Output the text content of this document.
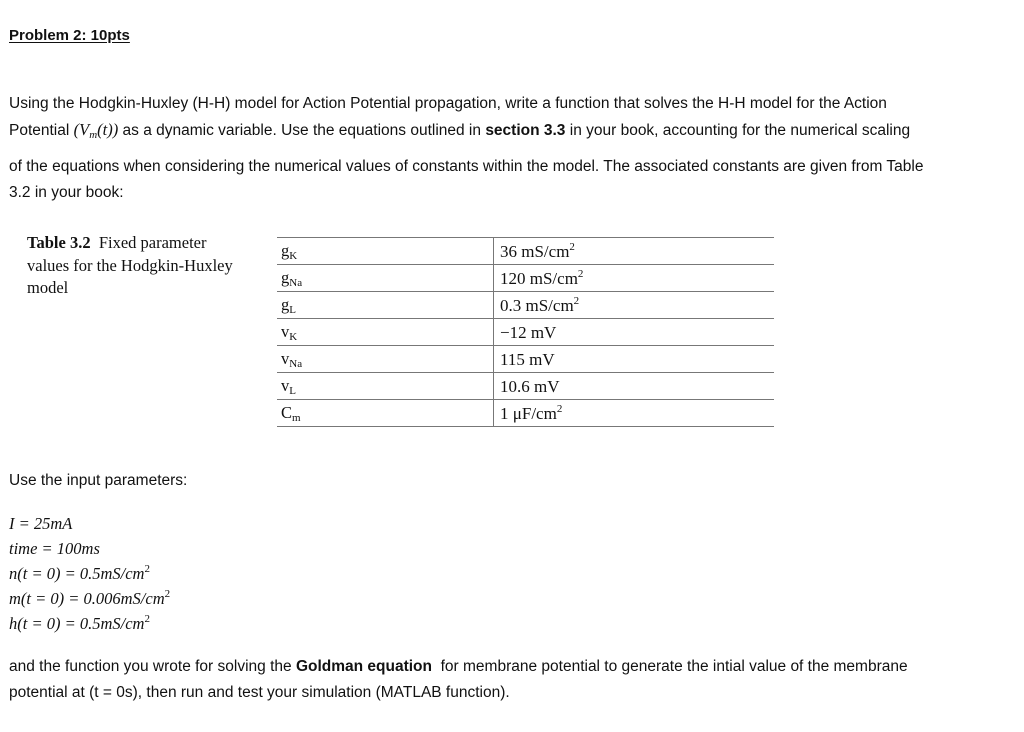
Problem 2: 10pts
Using the Hodgkin-Huxley (H-H) model for Action Potential propagation, write a function that solves the H-H model for the Action
Potential $(V_m(t))$ as a dynamic variable. Use the equations outlined in section 3.3 in your book, accounting for the numerical scaling
of the equations when considering the numerical values of constants within the model. The associated constants are given from Table
3.2 in your book:
Table 3.2 Fixed parameter values for the Hodgkin-Huxley model
$g_K$	36 $mS/cm^2$
$g_{Na}$	120 $mS/cm^2$
$g_L$	0.3 $mS/cm^2$
$v_K$	−12 mV
$v_{Na}$	115 mV
$v_L$	10.6 mV
$C_m$	1 $\mu F/cm^2$
Use the input parameters:
I = 25mA
time = 100ms
$n(t = 0) = 0.5mS/cm^2$
$m(t = 0) = 0.006mS/cm^2$
$h(t = 0) = 0.5mS/cm^2$
and the function you wrote for solving the Goldman equation  for membrane potential to generate the intial value of the membrane
potential at (t = 0s), then run and test your simulation (MATLAB function).
